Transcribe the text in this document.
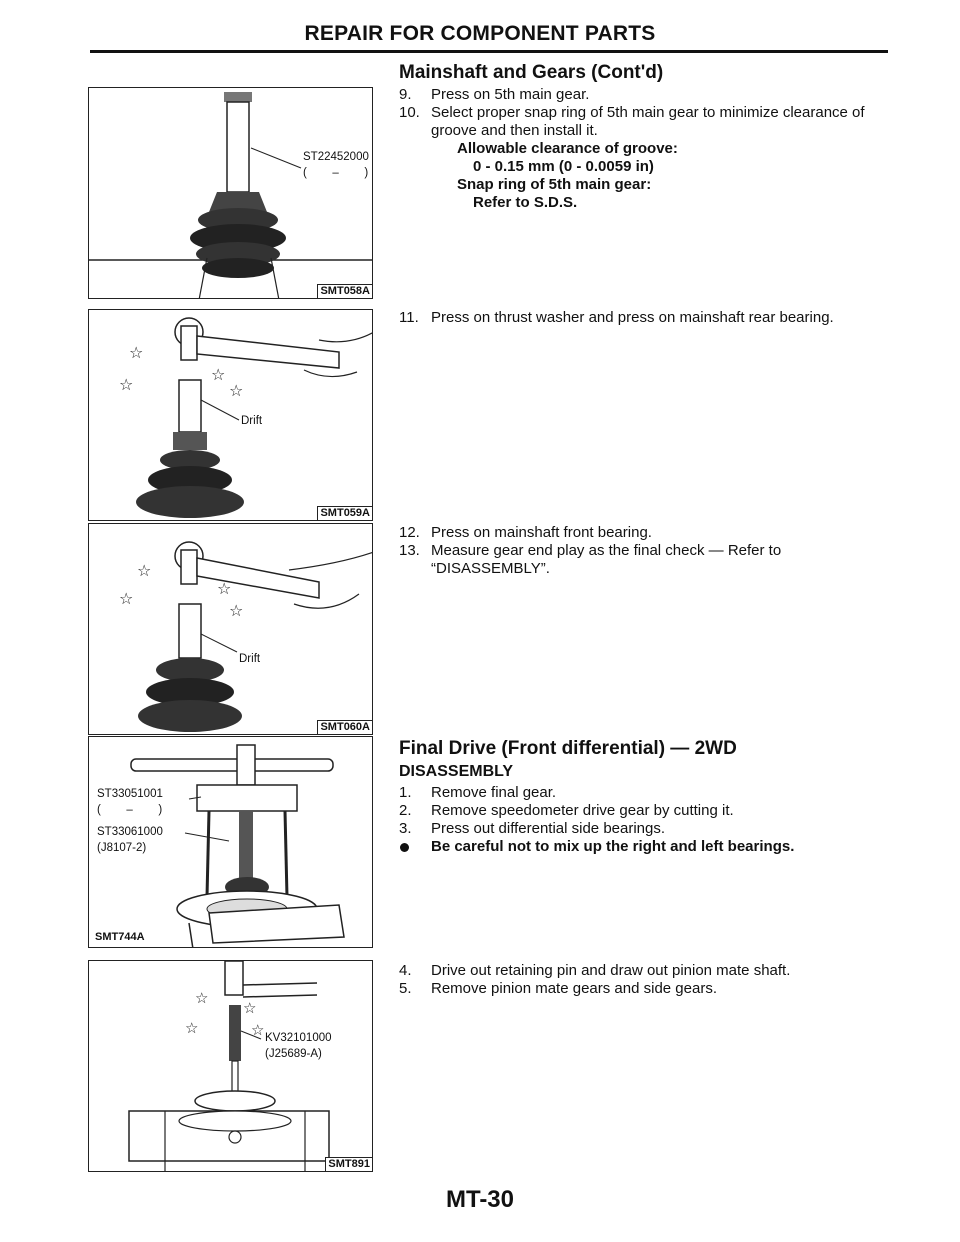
REPAIR FOR COMPONENT PARTS
ST22452000
(        –        )
SMT058A
☆
☆
☆
☆
Drift
SMT059A
☆
☆
☆
☆
Drift
SMT060A
ST33051001
(        –        )
ST33061000
(J8107-2)
SMT744A
☆
☆
☆
☆ KV32101000
(J25689-A)
SMT891
Mainshaft and Gears (Cont'd)
9.	Press on 5th main gear.
10. Select proper snap ring of 5th main gear to minimize clearance of groove and then install it.
Allowable clearance of groove:
0 - 0.15 mm (0 - 0.0059 in)
Snap ring of 5th main gear:
Refer to S.D.S.
11. Press on thrust washer and press on mainshaft rear bearing.
12. Press on mainshaft front bearing.
13. Measure gear end play as the final check — Refer to “DISASSEMBLY”.
Final Drive (Front differential) — 2WD
DISASSEMBLY
1.	Remove final gear.
2.	Remove speedometer drive gear by cutting it.
3.	Press out differential side bearings.
Be careful not to mix up the right and left bearings.
4.	Drive out retaining pin and draw out pinion mate shaft.
5.	Remove pinion mate gears and side gears.
MT-30
